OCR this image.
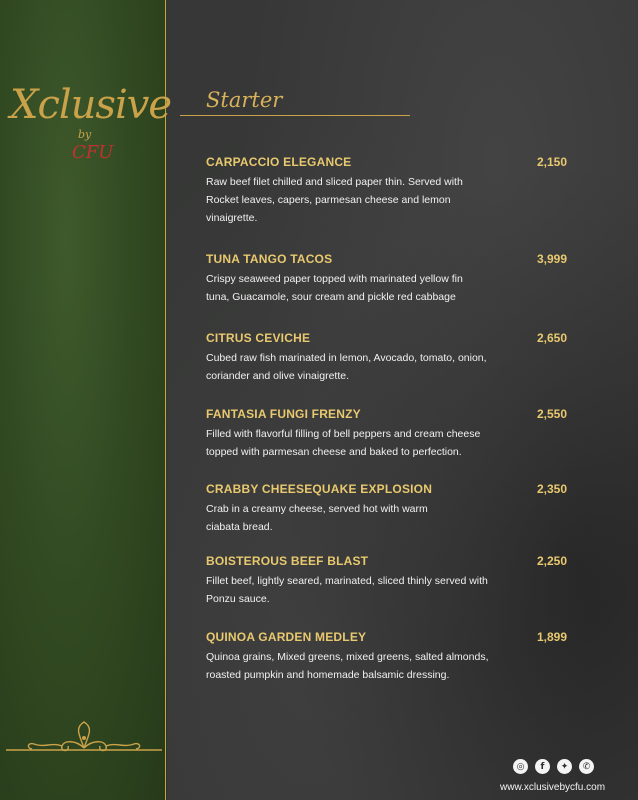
Xclusive
by
CFU
Starter
CARPACCIO ELEGANCE	2,150
Raw beef filet chilled and sliced paper thin. Served with
Rocket leaves, capers, parmesan cheese and lemon
vinaigrette.
TUNA TANGO TACOS	3,999
Crispy seaweed paper topped with marinated yellow fin
tuna, Guacamole, sour cream and pickle red cabbage
CITRUS CEVICHE	2,650
Cubed raw fish marinated in lemon, Avocado, tomato, onion,
coriander and olive vinaigrette.
FANTASIA FUNGI FRENZY	2,550
Filled with flavorful filling of bell peppers and cream cheese
topped with parmesan cheese and baked to perfection.
CRABBY CHEESEQUAKE EXPLOSION	2,350
Crab in a creamy cheese, served hot with warm
ciabata bread.
BOISTEROUS BEEF BLAST	2,250
Fillet beef, lightly seared, marinated, sliced thinly served with
Ponzu sauce.
QUINOA GARDEN MEDLEY	1,899
Quinoa grains, Mixed greens, mixed greens, salted almonds,
roasted pumpkin and homemade balsamic dressing.
◎	f	✦	✆
www.xclusivebycfu.com
